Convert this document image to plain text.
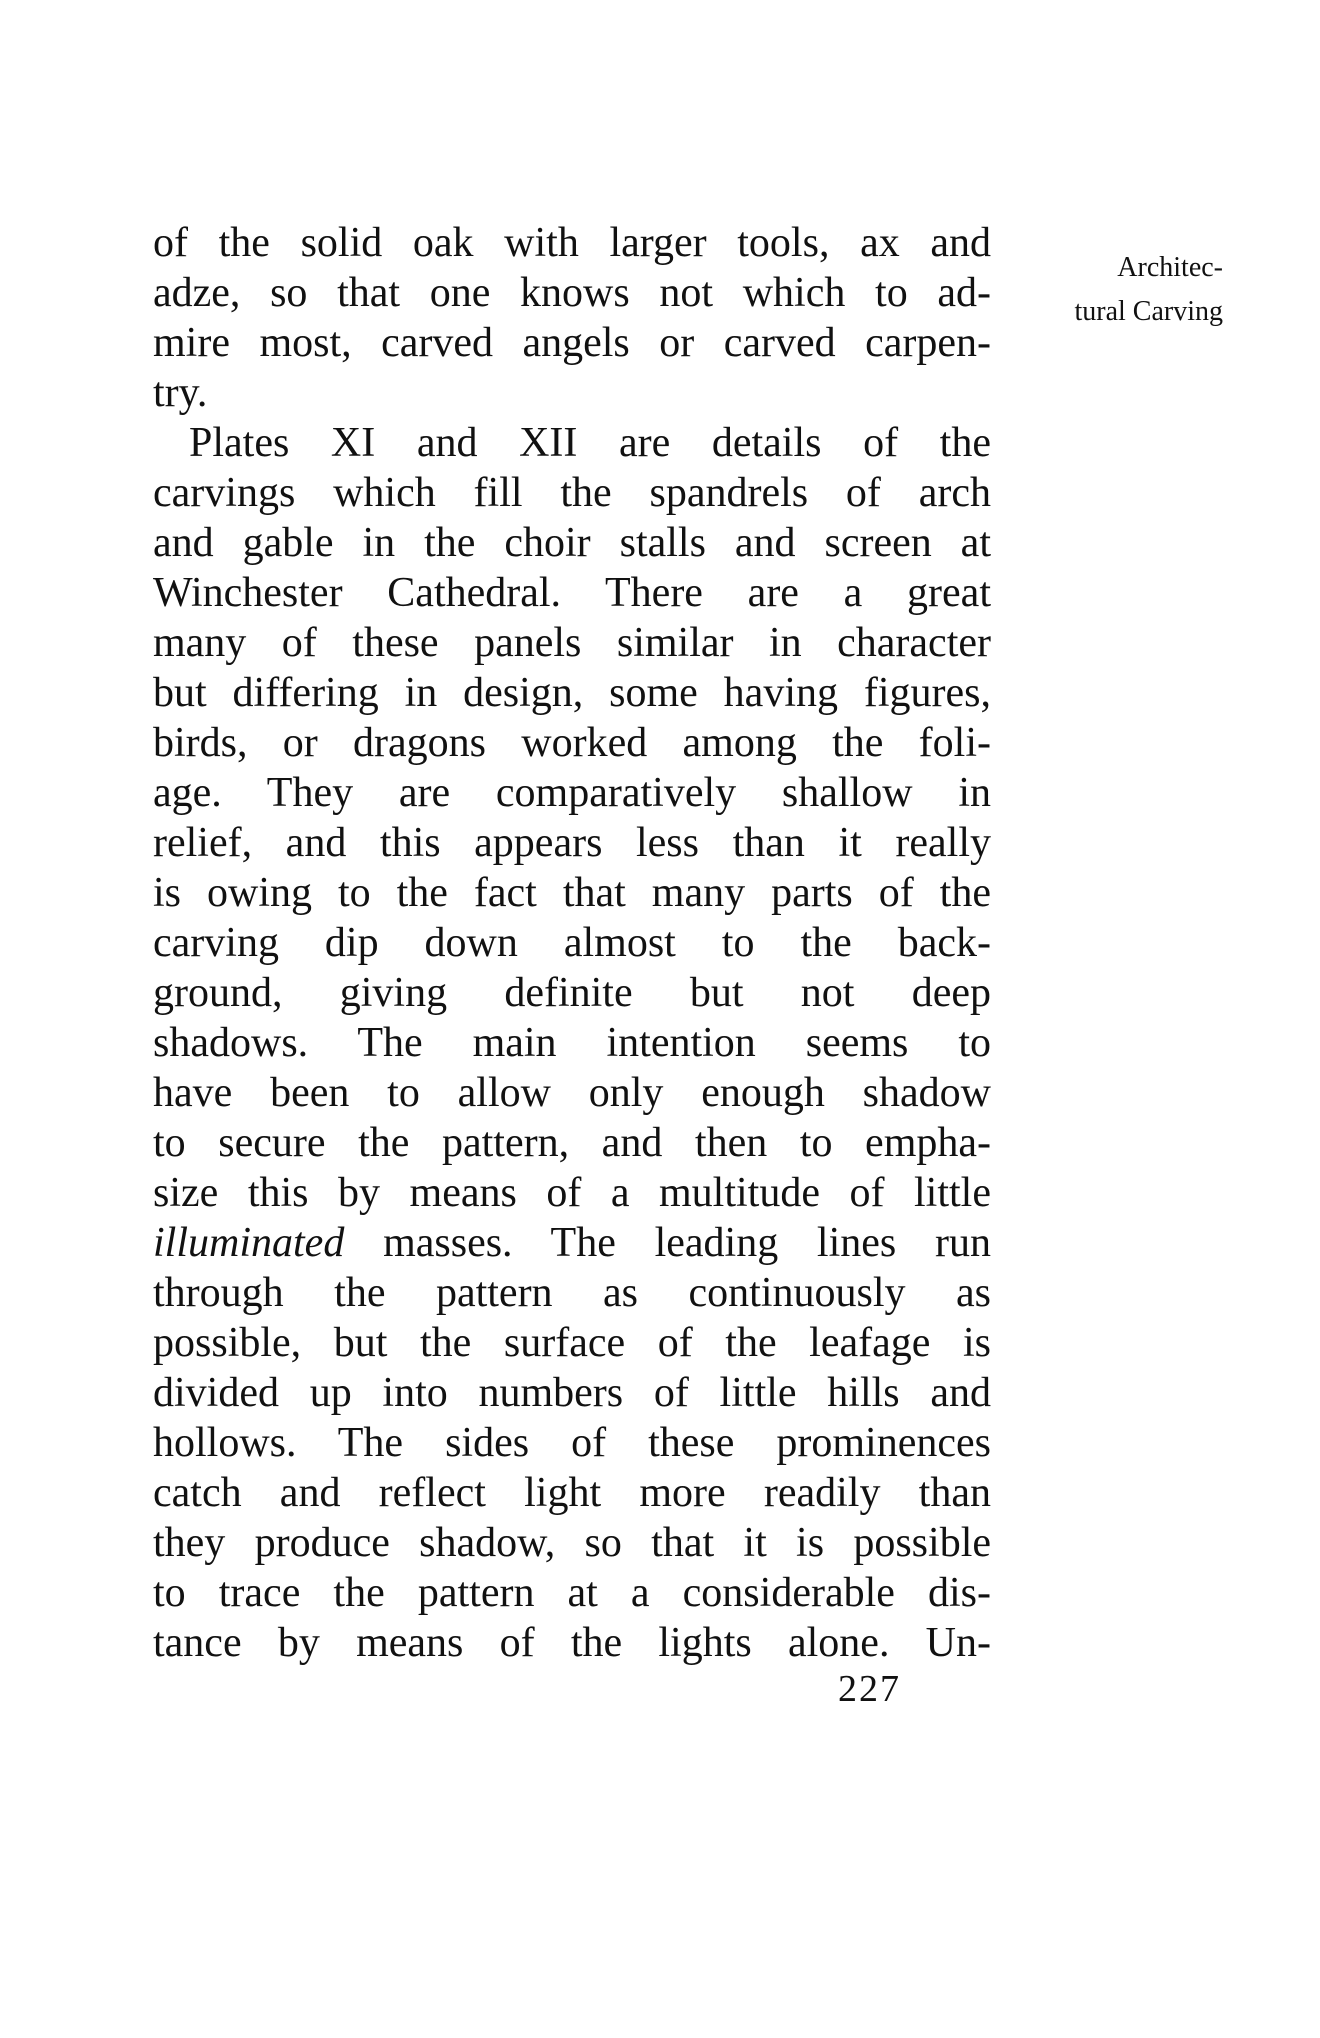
Architec-
tural Carving
of the solid oak with larger tools, ax and
adze, so that one knows not which to ad-
mire most, carved angels or carved carpen-
try.
Plates XI and XII are details of the
carvings which fill the spandrels of arch
and gable in the choir stalls and screen at
Winchester Cathedral. There are a great
many of these panels similar in character
but differing in design, some having figures,
birds, or dragons worked among the foli-
age. They are comparatively shallow in
relief, and this appears less than it really
is owing to the fact that many parts of the
carving dip down almost to the back-
ground, giving definite but not deep
shadows. The main intention seems to
have been to allow only enough shadow
to secure the pattern, and then to empha-
size this by means of a multitude of little
illuminated masses. The leading lines run
through the pattern as continuously as
possible, but the surface of the leafage is
divided up into numbers of little hills and
hollows. The sides of these prominences
catch and reflect light more readily than
they produce shadow, so that it is possible
to trace the pattern at a considerable dis-
tance by means of the lights alone. Un-
227
